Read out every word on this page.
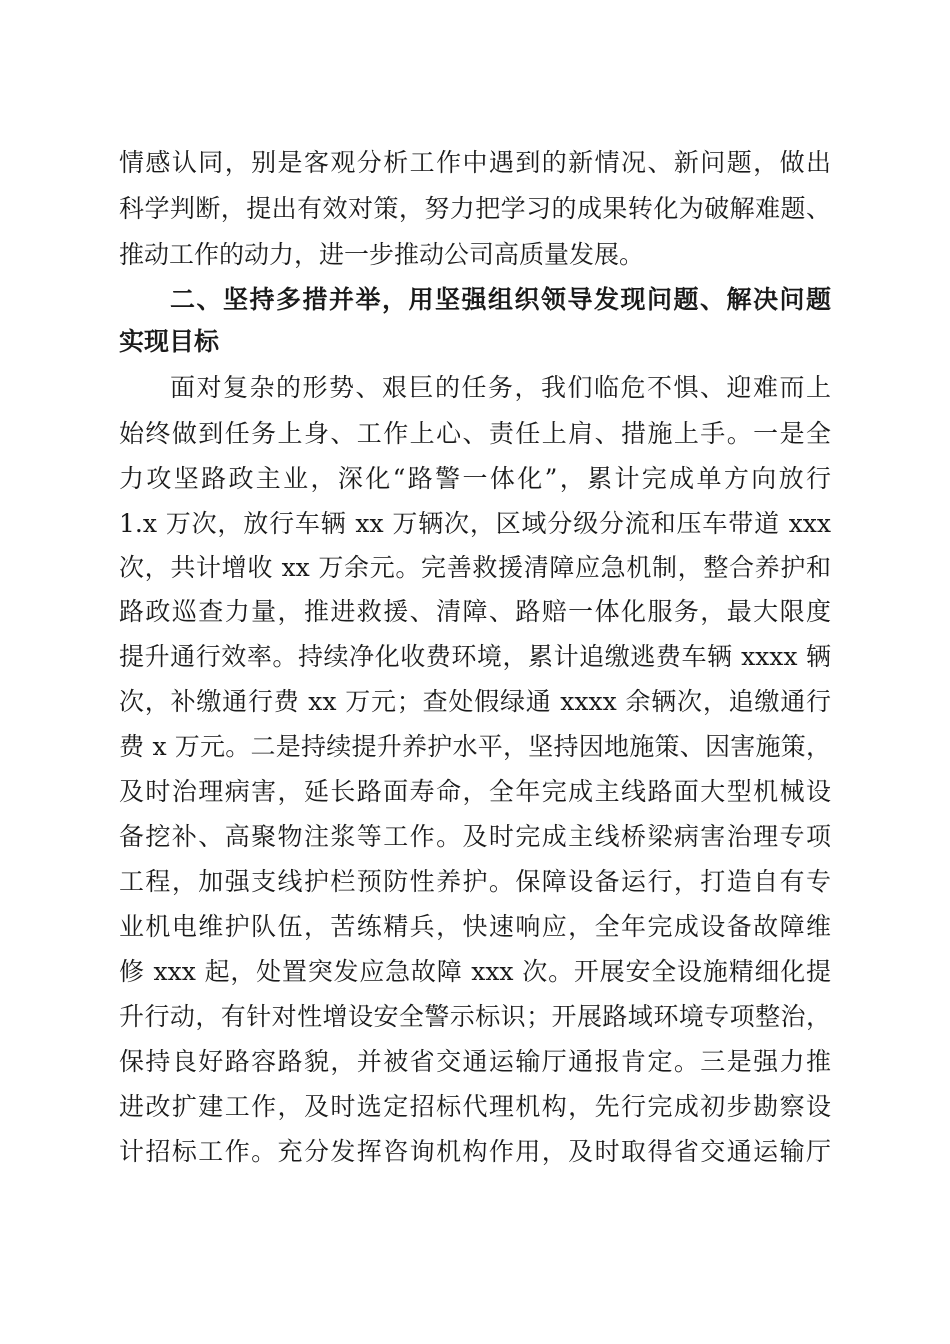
情感认同，别是客观分析工作中遇到的新情况、新问题，做出
科学判断，提出有效对策，努力把学习的成果转化为破解难题、
推动工作的动力，进一步推动公司高质量发展。
二、坚持多措并举，用坚强组织领导发现问题、解决问题
实现目标
面对复杂的形势、艰巨的任务，我们临危不惧、迎难而上
始终做到任务上身、工作上心、责任上肩、措施上手。一是全
力攻坚路政主业，深化“路警一体化”，累计完成单方向放行
1.x 万次，放行车辆 xx 万辆次，区域分级分流和压车带道 xxx
次，共计增收 xx 万余元。完善救援清障应急机制，整合养护和
路政巡查力量，推进救援、清障、路赔一体化服务，最大限度
提升通行效率。持续净化收费环境，累计追缴逃费车辆 xxxx 辆
次，补缴通行费 xx 万元；查处假绿通 xxxx 余辆次，追缴通行
费 x 万元。二是持续提升养护水平，坚持因地施策、因害施策，
及时治理病害，延长路面寿命，全年完成主线路面大型机械设
备挖补、高聚物注浆等工作。及时完成主线桥梁病害治理专项
工程，加强支线护栏预防性养护。保障设备运行，打造自有专
业机电维护队伍，苦练精兵，快速响应，全年完成设备故障维
修 xxx 起，处置突发应急故障 xxx 次。开展安全设施精细化提
升行动，有针对性增设安全警示标识；开展路域环境专项整治，
保持良好路容路貌，并被省交通运输厅通报肯定。三是强力推
进改扩建工作，及时选定招标代理机构，先行完成初步勘察设
计招标工作。充分发挥咨询机构作用，及时取得省交通运输厅
